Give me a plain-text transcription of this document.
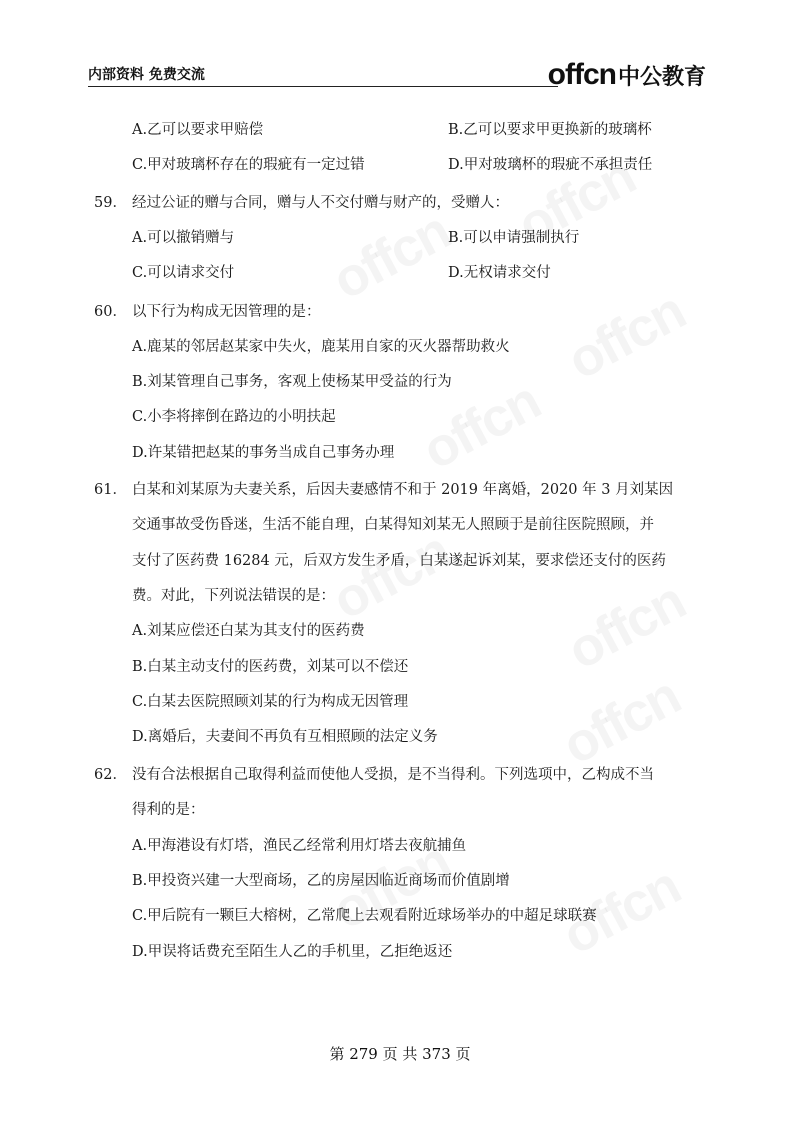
内部资料 免费交流	offcn 中公教育
A.乙可以要求甲赔偿	B.乙可以要求甲更换新的玻璃杯
C.甲对玻璃杯存在的瑕疵有一定过错	D.甲对玻璃杯的瑕疵不承担责任
59． 经过公证的赠与合同，赠与人不交付赠与财产的，受赠人：
A.可以撤销赠与	B.可以申请强制执行
C.可以请求交付	D.无权请求交付
60． 以下行为构成无因管理的是：
A.鹿某的邻居赵某家中失火，鹿某用自家的灭火器帮助救火
B.刘某管理自己事务，客观上使杨某甲受益的行为
C.小李将摔倒在路边的小明扶起
D.许某错把赵某的事务当成自己事务办理
61． 白某和刘某原为夫妻关系，后因夫妻感情不和于 2019 年离婚，2020 年 3 月刘某因
交通事故受伤昏迷，生活不能自理，白某得知刘某无人照顾于是前往医院照顾，并
支付了医药费 16284 元，后双方发生矛盾，白某遂起诉刘某，要求偿还支付的医药
费。对此，下列说法错误的是：
A.刘某应偿还白某为其支付的医药费
B.白某主动支付的医药费，刘某可以不偿还
C.白某去医院照顾刘某的行为构成无因管理
D.离婚后，夫妻间不再负有互相照顾的法定义务
62． 没有合法根据自己取得利益而使他人受损，是不当得利。下列选项中，乙构成不当
得利的是：
A.甲海港设有灯塔，渔民乙经常利用灯塔去夜航捕鱼
B.甲投资兴建一大型商场，乙的房屋因临近商场而价值剧增
C.甲后院有一颗巨大榕树，乙常爬上去观看附近球场举办的中超足球联赛
D.甲误将话费充至陌生人乙的手机里，乙拒绝返还
第 279 页 共 373 页
